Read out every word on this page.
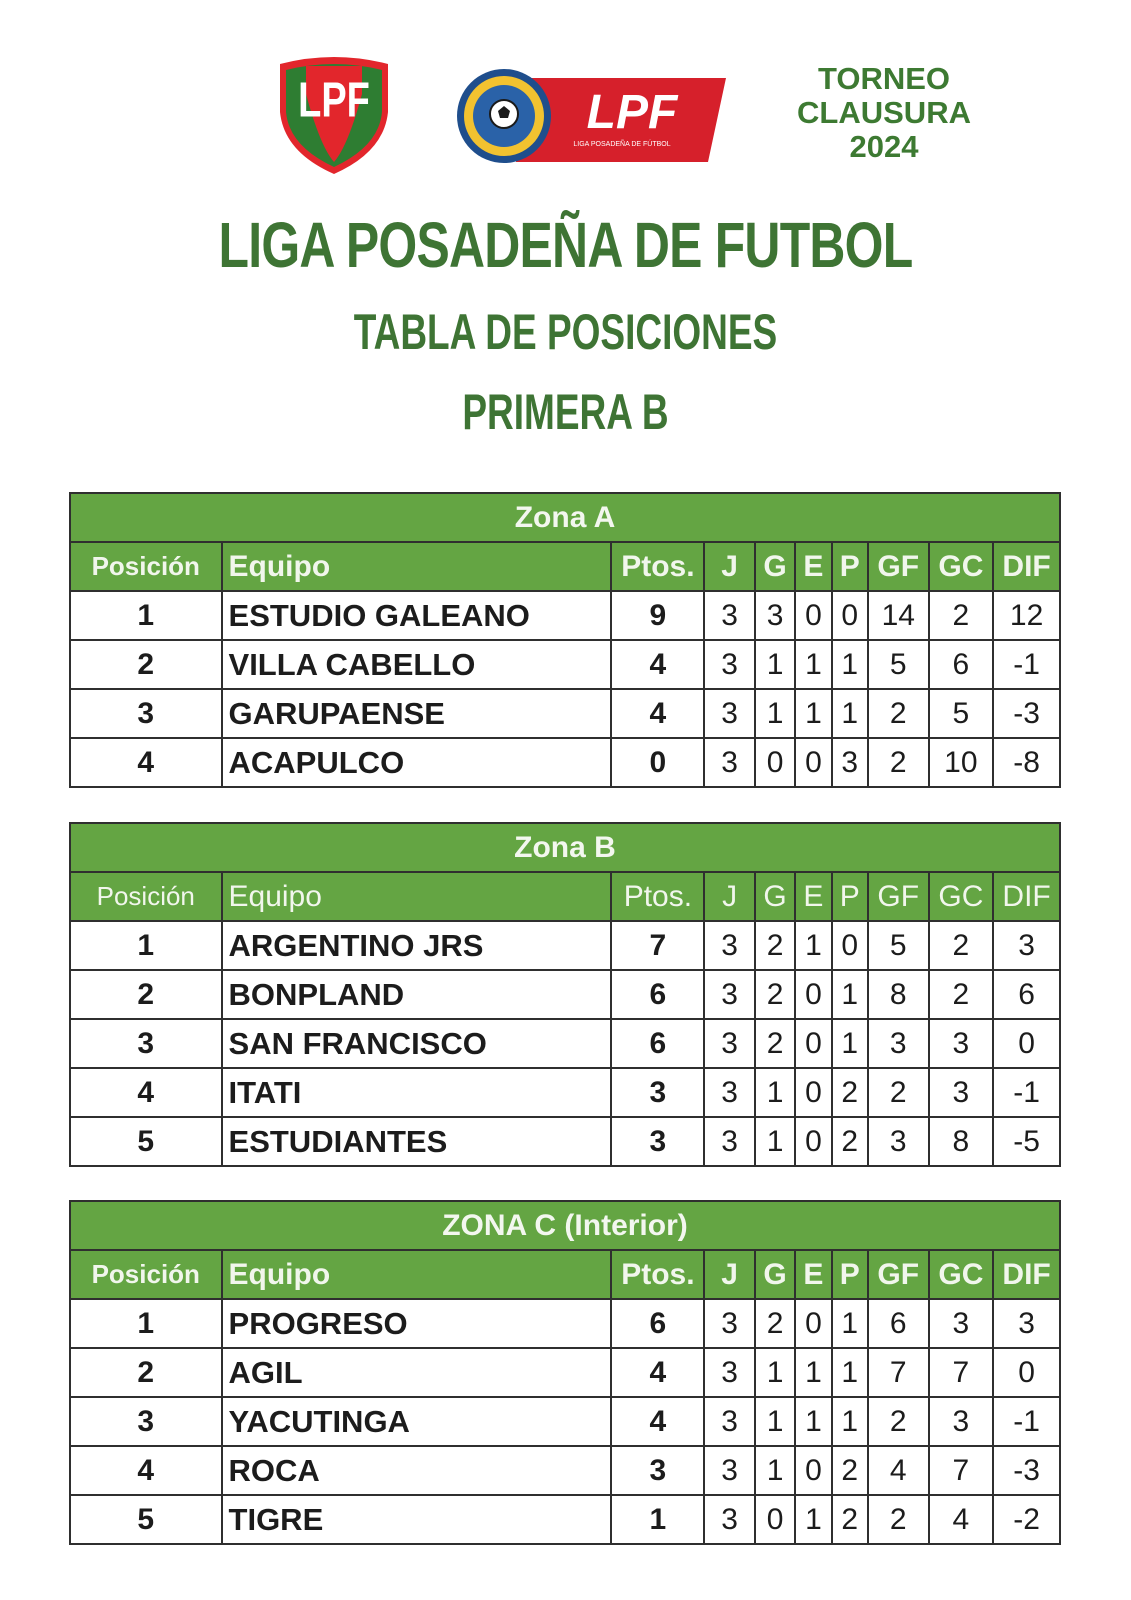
LPF	LPF
LIGA POSADEÑA DE FÚTBOL
TORNEO
CLAUSURA
2024
LIGA POSADEÑA DE FUTBOL
TABLA DE POSICIONES
PRIMERA B
Zona A									
Posición	Equipo	Ptos.	J	G	E	P	GF	GC	DIF
1	ESTUDIO GALEANO	9	3	3	0	0	14	2	12
2	VILLA CABELLO	4	3	1	1	1	5	6	-1
3	GARUPAENSE	4	3	1	1	1	2	5	-3
4	ACAPULCO	0	3	0	0	3	2	10	-8
Zona B									
Posición	Equipo	Ptos.	J	G	E	P	GF	GC	DIF
1	ARGENTINO JRS	7	3	2	1	0	5	2	3
2	BONPLAND	6	3	2	0	1	8	2	6
3	SAN FRANCISCO	6	3	2	0	1	3	3	0
4	ITATI	3	3	1	0	2	2	3	-1
5	ESTUDIANTES	3	3	1	0	2	3	8	-5
ZONA C (Interior)									
Posición	Equipo	Ptos.	J	G	E	P	GF	GC	DIF
1	PROGRESO	6	3	2	0	1	6	3	3
2	AGIL	4	3	1	1	1	7	7	0
3	YACUTINGA	4	3	1	1	1	2	3	-1
4	ROCA	3	3	1	0	2	4	7	-3
5	TIGRE	1	3	0	1	2	2	4	-2
